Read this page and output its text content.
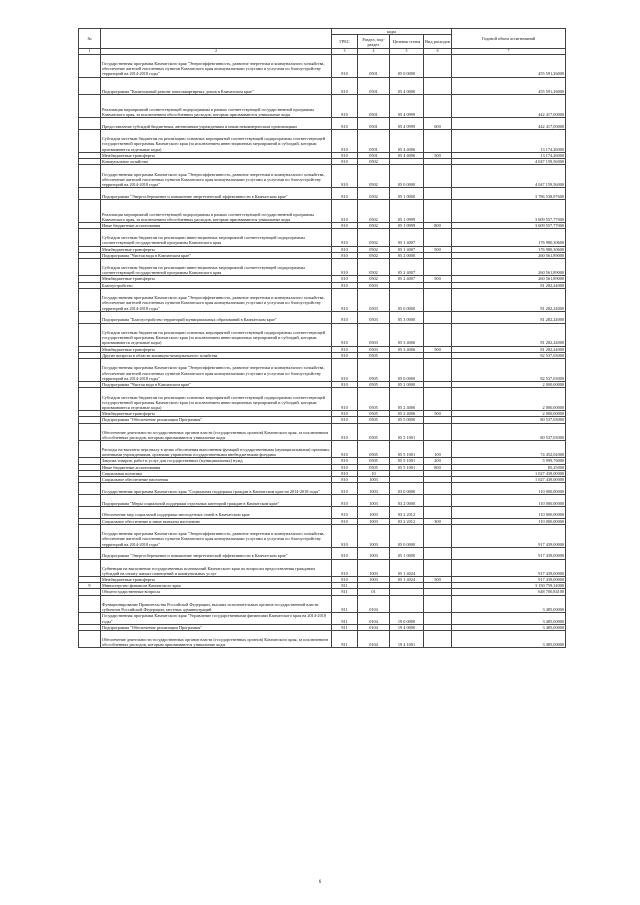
№		коды				Годовой объем ассигнований
		ГРБС	Раздел, под-раздел	Целевая статья	Вид расходов	
1	2	3	4	5	6	7
	Государственная программа Камчатского края "Энергоэффективность, развитие энергетики и коммунального хозьяйства, обеспечение жителей населенных пунктов Камчатского края коммунальными услугами и услугами по благоустройству территорий на 2014-2018 годы"	810	0501	05 0 0000		455 591,26000
	Подпрограмма "Капитальный ремонт многоквартирных домов в Камчатском крае"	810	0501	05 4 0000		455 591,26000
	Реализация мероприятий соответствующей подпрограммы в рамках соответствующей государственной программы Камчатского края, за исключением обособленных расходов, которым присваиваются уникальные коды	810	0501	05 4 0999		442 417,00000
	Предоставление субсидий бюджетным, автономным учреждениям и иным некоммерческим организациям	810	0501	05 4 0999	600	442 417,00000
	Субсидии местным бюджетам на реализацию основных мероприятий соответствующей подпрограммы соответствующей государственной программы Камчатского края (за исключением инвестиционных мероприятий и субсидий, которым присваиваются отдельные коды)	810	0501	05 4 4006		13 174,26000
	Межбюджетные трансферты	810	0501	05 4 4006	500	13 174,26000
	Коммунальное хозяйство	810	0502			4 047 159,56000
	Государственная программа Камчатского края "Энергоэффективность, развитие энергетики и коммунального хозьяйства, обеспечение жителей населенных пунктов Камчатского края коммунальными услугами и услугами по благоустройству территорий на 2014-2018 годы"	810	0502	05 0 0000		4 047 159,56000
	Подпрограмма "Энергосбережение и повышение энергетической эффективности в Камчатском крае"	810	0502	05 1 0000		3 786 538,07600
	Реализация мероприятий соответствующей подпрограммы в рамках соответствующей государственной программы Камчатского края, за исключением обособленных расходов, которым присваиваются уникальные коды	810	0502	05 1 0999		3 609 557,77000
	Иные бюджетные ассигнования	810	0502	05 1 0999	800	3 609 557,77000
	Субсидии местным бюджетам на реализацию инвестиционных мероприятий соответствующей подпрограммы соответствующей государственной программы Камчатского края	810	0502	05 1 4007		176 980,30600
	Межбюджетные трансферты	810	0502	05 1 4007	500	176 980,30600
	Подпрограмма "Чистая вода в Камчатском крае"	810	0502	05 2 0000		260 561,89000
	Субсидии местным бюджетам на реализацию инвестиционных мероприятий соответствующей подпрограммы соответствующей государственной программы Камчатского края	810	0502	05 2 4007		260 561,89000
	Межбюджетные трансферты	810	0502	05 2 4007	500	260 561,89000
	Благоустройство	810	0503			81 282,24000
	Государственная программа Камчатского края "Энергоэффективность, развитие энергетики и коммунального хозьяйства, обеспечение жителей населенных пунктов Камчатского края коммунальными услугами и услугами по благоустройству территорий на 2014-2018 годы"	810	0503	05 0 0000		81 282,24000
	Подпрограмма "Благоустройство территорий муниципальных образований в Камчатском крае"	810	0503	05 3 0000		81 282,24000
	Субсидии местным бюджетам на реализацию основных мероприятий соответствующей подпрограммы соответствующей государственной программы Камчатского края (за исключением инвестиционных мероприятий и субсидий, которым присваиваются отдельные коды)	810	0503	05 3 4006		81 282,24000
	Межбюджетные трансферты	810	0503	05 3 4006	500	81 282,24000
	Другие вопросы в области жилищно-коммунального хозяйства	810	0505			82 537,03000
	Государственная программа Камчатского края "Энергоэффективность, развитие энергетики и коммунального хозьяйства, обеспечение жителей населенных пунктов Камчатского края коммунальными услугами и услугами по благоустройству территорий на 2014-2018 годы"	810	0505	05 0 0000		82 537,03000
	Подпрограмма "Чистая вода в Камчатском крае"	810	0505	05 2 0000		2 000,00000
	Субсидии местным бюджетам на реализацию основных мероприятий соответствующей подпрограммы соответствующей государственной программы Камчатского края (за исключением инвестиционных мероприятий и субсидий, которым присваиваются отдельные коды)	810	0505	05 2 4006		2 000,00000
	Межбюджетные трансферты	810	0505	05 2 4006	500	2 000,00000
	Подпрограмма "Обеспечение реализации Программы"	810	0505	05 5 0000		80 537,03000
	Обеспечение деятельности государственных органов власти (государственных органов) Камчатского края, за исключением обособленных расходов, которым присваиваются уникальные коды	810	0505	05 5 1001		80 537,03000
	Расходы на выплаты персоналу в целях обеспечения выполнения функций государственными (муниципальными) органами, казенными учреждениями, органами управления государственными внебюджетными фондами	810	0505	05 5 1001	100	74 452,02000
	Закупка товаров, работ и услуг для государственных (муниципальных) нужд	810	0505	05 5 1001	200	5 999,76000
	Иные бюджетные ассигнования	810	0505	05 5 1001	800	85,25000
	Социальная политика	810	10			1 027 439,00000
	Социальное обеспечение населения	810	1003			1 027 439,00000
	Государственная программа Камчатского края "Социальная поддержка граждан в Камчатском крае на 2014-2018 годы"	810	1003	03 0 0000		110 000,00000
	Подпрограмма "Меры социальной поддержки отдельных категорий граждан в Камчатском крае"	810	1003	03 2 0000		110 000,00000
	Обеспечение мер социальной поддержки многодетных семей в Камчатском крае	810	1003	03 2 2012		110 000,00000
	Социальное обеспечение и иные выплаты населению	810	1003	03 2 2012	300	110 000,00000
	Государственная программа Камчатского края "Энергоэффективность, развитие энергетики и коммунального хозьяйства, обеспечение жителей населенных пунктов Камчатского края коммунальными услугами и услугами по благоустройству территорий на 2014-2018 годы"	810	1003	05 0 0000		917 439,00000
	Подпрограмма "Энергосбережение и повышение энергетической эффективности в Камчатском крае"	810	1003	05 1 0000		917 439,00000
	Субвенции на выполнение государственных полномочий Камчатского края по вопросам предоставления гражданам субсидий на оплату жилых помещений и коммунальных услуг	810	1003	05 1 4024		917 439,00000
	Межбюджетные трансферты	810	1003	05 1 4024	500	917 439,00000
9	Министерство финансов Камчатского края	811				3 150 759,14000
	Общегосударственные вопросы	811	01			648 700,84100
	Функционирование Правительства Российской Федерации, высших исполнительных органов государственной власти субъектов Российской Федерации, местных администраций	811	0104			3 485,00000
	Государственная программа Камчатского края "Управление государственными финансами Камчатского края на 2014-2018 годы"	811	0104	19 0 0000		3 485,00000
	Подпрограмма "Обеспечение реализации Программы"	811	0104	19 4 0000		3 485,00000
	Обеспечение деятельности государственных органов власти (государственных органов) Камчатского края, за исключением обособленных расходов, которым присваиваются уникальные коды	811	0104	19 4 1001		3 485,00000
6
